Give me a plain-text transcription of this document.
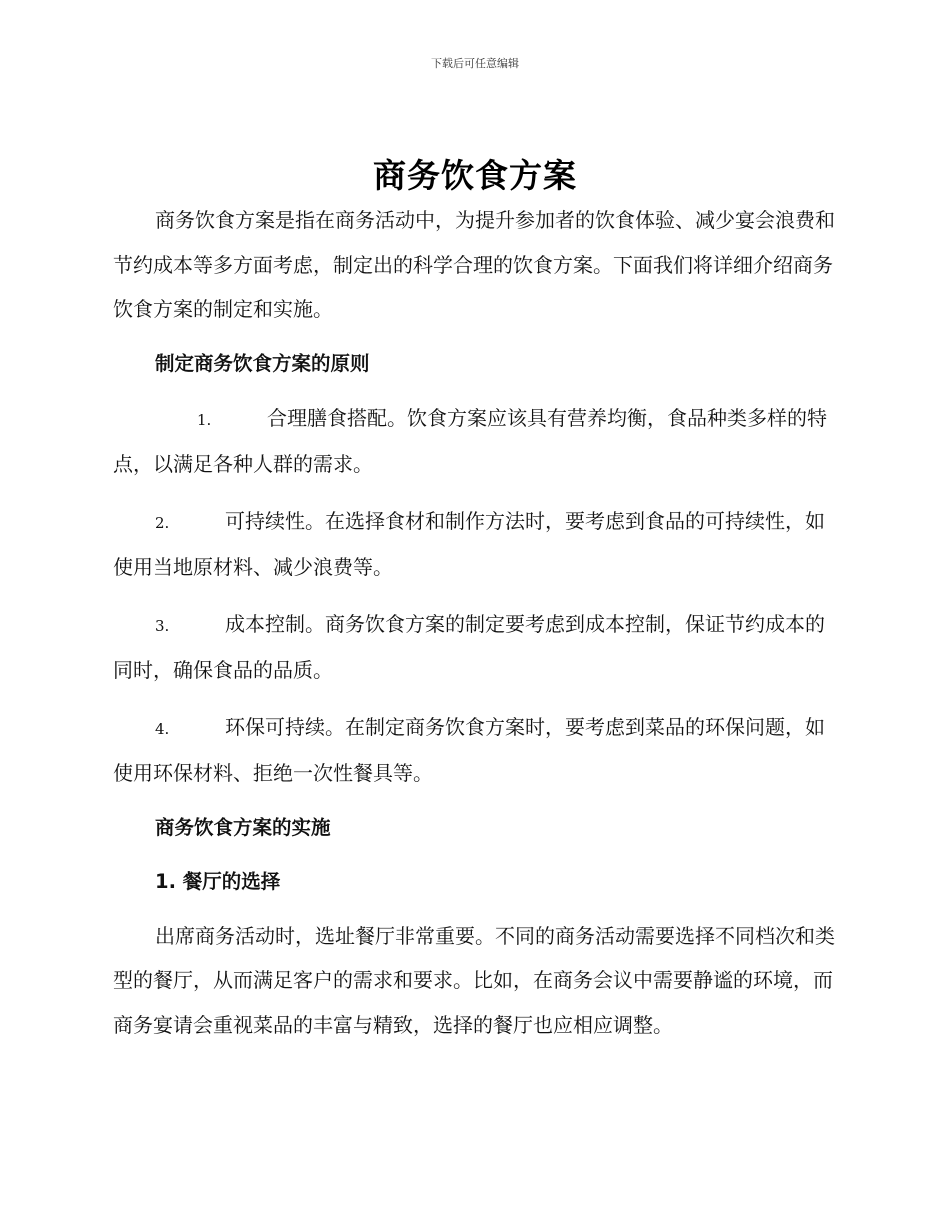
下载后可任意编辑
商务饮食方案

商务饮食方案是指在商务活动中，为提升参加者的饮食体验、减少宴会浪费和节约成本等多方面考虑，制定出的科学合理的饮食方案。下面我们将详细介绍商务饮食方案的制定和实施。

制定商务饮食方案的原则

1.	合理膳食搭配。饮食方案应该具有营养均衡，食品种类多样的特点，以满足各种人群的需求。

2.	可持续性。在选择食材和制作方法时，要考虑到食品的可持续性，如使用当地原材料、减少浪费等。

3.	成本控制。商务饮食方案的制定要考虑到成本控制，保证节约成本的同时，确保食品的品质。

4.	环保可持续。在制定商务饮食方案时，要考虑到菜品的环保问题，如使用环保材料、拒绝一次性餐具等。

商务饮食方案的实施

1. 餐厅的选择

出席商务活动时，选址餐厅非常重要。不同的商务活动需要选择不同档次和类型的餐厅，从而满足客户的需求和要求。比如，在商务会议中需要静谧的环境，而商务宴请会重视菜品的丰富与精致，选择的餐厅也应相应调整。
